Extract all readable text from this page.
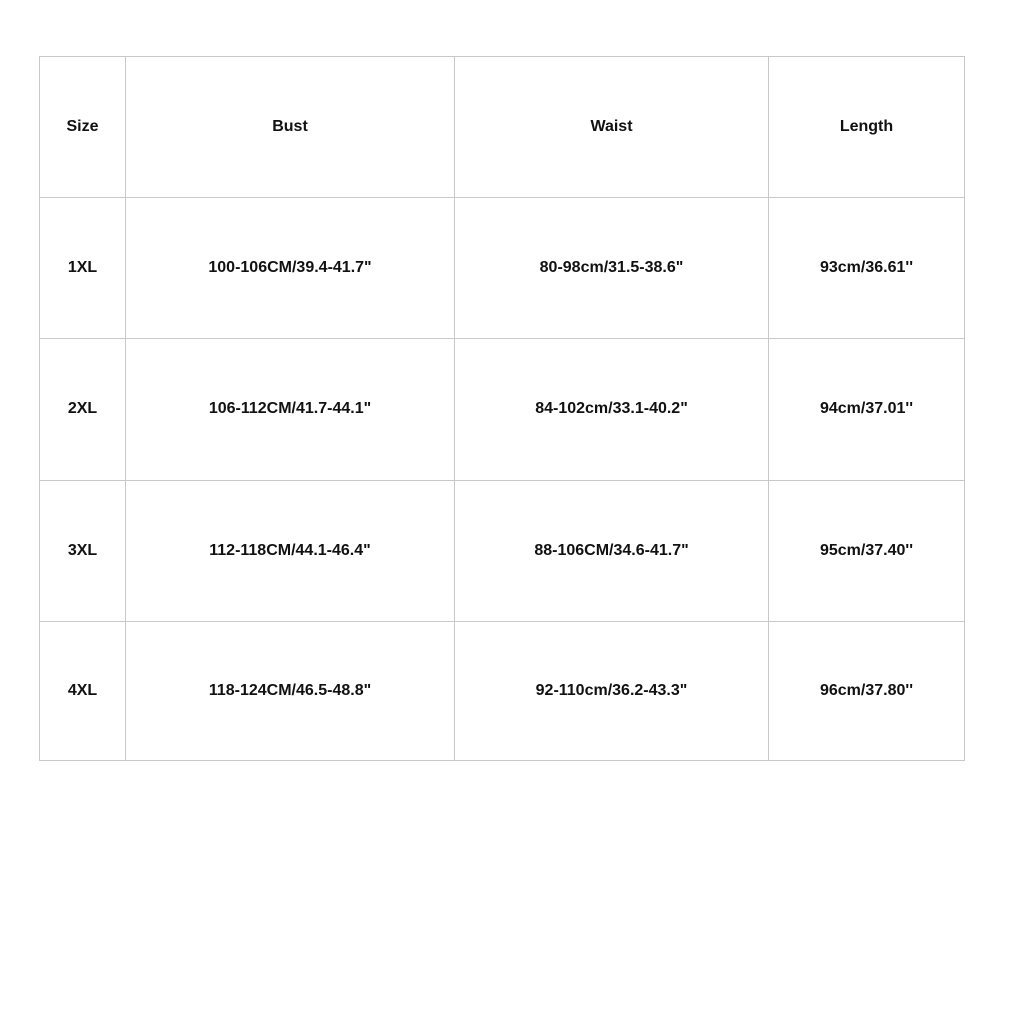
Size	Bust	Waist	Length
1XL	100-106CM/39.4-41.7"	80-98cm/31.5-38.6"	93cm/36.61''
2XL	106-112CM/41.7-44.1"	84-102cm/33.1-40.2"	94cm/37.01''
3XL	112-118CM/44.1-46.4"	88-106CM/34.6-41.7"	95cm/37.40''
4XL	118-124CM/46.5-48.8"	92-110cm/36.2-43.3"	96cm/37.80''
